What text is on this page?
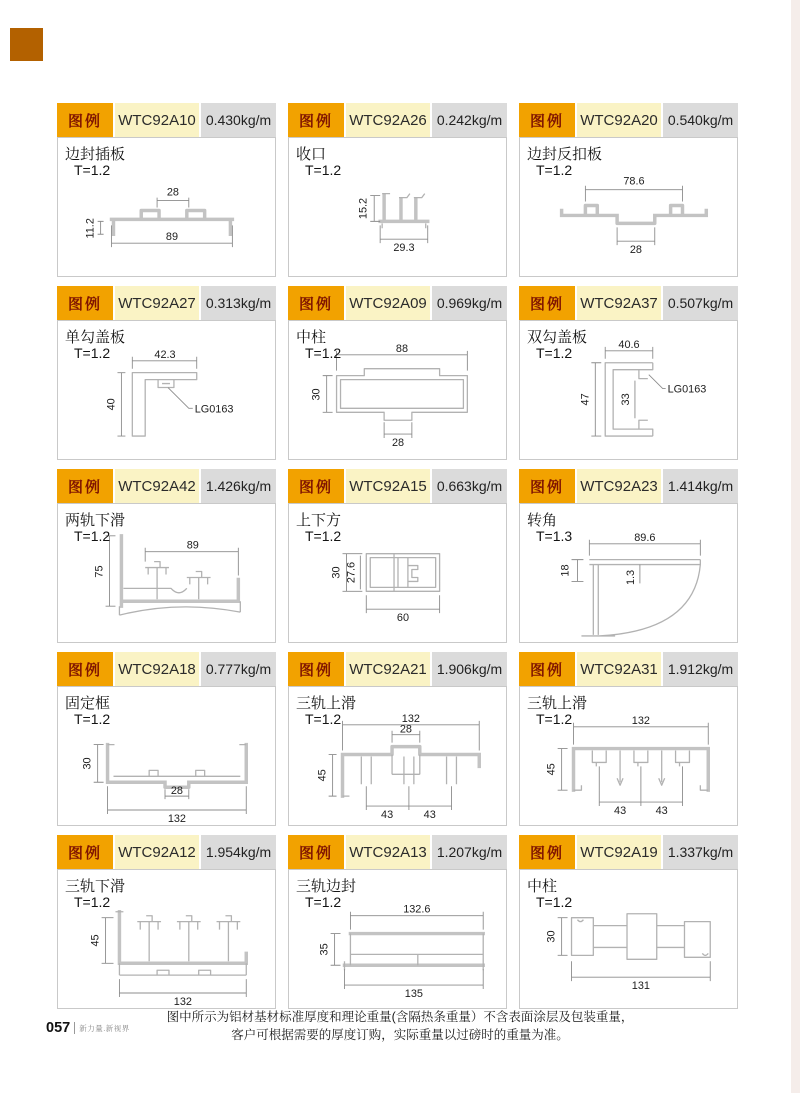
图例	WTC92A10 0.430kg/m
边封插板
T=1.2
28
89
11.2
图例	WTC92A26 0.242kg/m
收口
T=1.2
15.2
29.3
图例	WTC92A20 0.540kg/m
边封反扣板
T=1.2
78.6
28
图例	WTC92A27 0.313kg/m
单勾盖板
T=1.2	42.3
40	LG0163
图例	WTC92A09 0.969kg/m
中柱
T=1.2	88
30
28
图例	WTC92A37 0.507kg/m
双勾盖板
T=1.2
40.6
47	33
LG0163
图例	WTC92A42 1.426kg/m
两轨下滑
T=1.2
89
75
图例	WTC92A15 0.663kg/m
上下方
T=1.2
30 27.6
60
图例	WTC92A23 1.414kg/m
转角
T=1.3	89.6
18	1.3
图例	WTC92A18 0.777kg/m
固定框
T=1.2
30
28
132
图例	WTC92A21 1.906kg/m
三轨上滑
T=1.2	132
28
45
43	43
图例	WTC92A31 1.912kg/m
三轨上滑
T=1.2	132
45
43	43
图例	WTC92A12 1.954kg/m
三轨下滑
T=1.2
45
132
图例	WTC92A13 1.207kg/m
三轨边封
T=1.2	132.6
35
135
图例	WTC92A19 1.337kg/m
中柱
T=1.2
30
131
图中所示为铝材基材标准厚度和理论重量(含隔热条重量）不含表面涂层及包装重量，
客户可根据需要的厚度订购，实际重量以过磅时的重量为准。
057 新力量.新视界
